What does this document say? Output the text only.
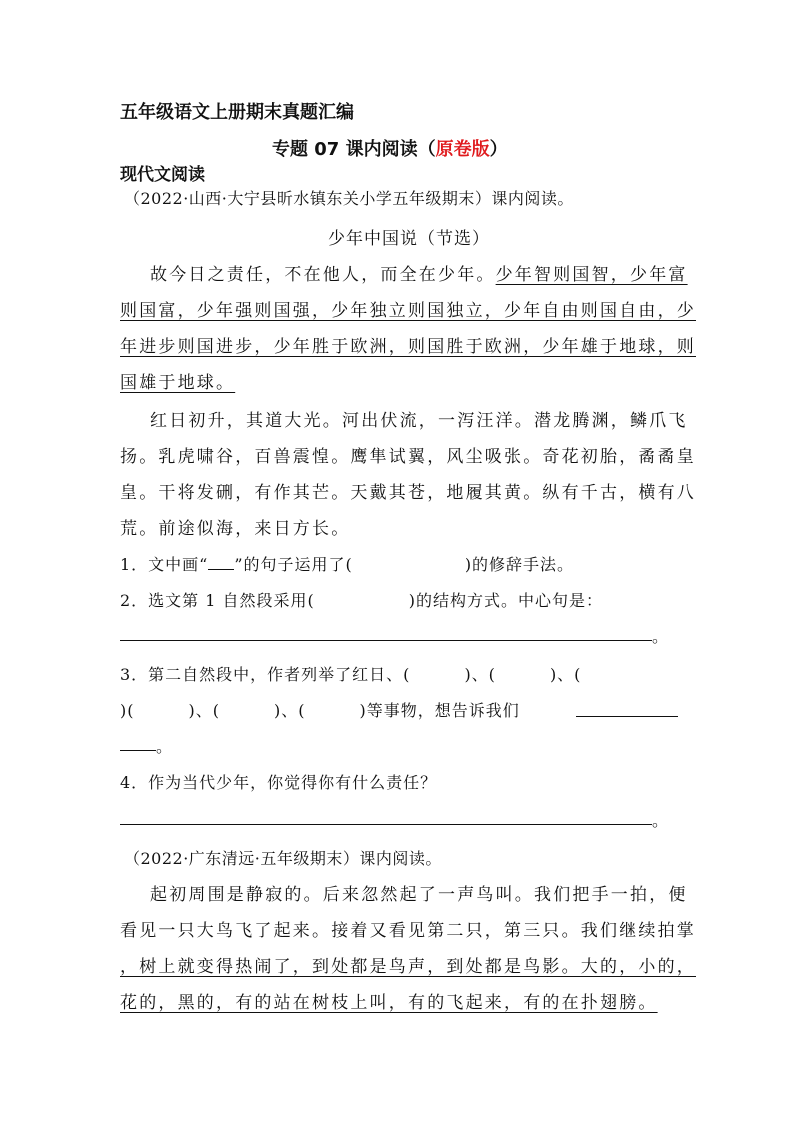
五年级语文上册期末真题汇编
专题 07 课内阅读（原卷版）
现代文阅读
（2022·山西·大宁县昕水镇东关小学五年级期末）课内阅读。
少年中国说（节选）
故今日之责任，不在他人，而全在少年。少年智则国智，少年富
则国富，少年强则国强，少年独立则国独立，少年自由则国自由，少
年进步则国进步，少年胜于欧洲，则国胜于欧洲，少年雄于地球，则
国雄于地球。
红日初升，其道大光。河出伏流，一泻汪洋。潜龙腾渊，鳞爪飞
扬。乳虎啸谷，百兽震惶。鹰隼试翼，风尘吸张。奇花初胎，矞矞皇
皇。干将发硎，有作其芒。天戴其苍，地履其黄。纵有千古，横有八
荒。前途似海，来日方长。
1．文中画“ ”的句子运用了(	)的修辞手法。
2．选文第 1 自然段采用(	)的结构方式。中心句是：
。
3．第二自然段中，作者列举了红日、(	)、(	)、(
)(	)、(	)、(	)等事物，想告诉我们
。
4．作为当代少年，你觉得你有什么责任？
。
（2022·广东清远·五年级期末）课内阅读。
起初周围是静寂的。后来忽然起了一声鸟叫。我们把手一拍，便
看见一只大鸟飞了起来。接着又看见第二只，第三只。我们继续拍掌
，树上就变得热闹了，到处都是鸟声，到处都是鸟影。大的，小的，
花的，黑的，有的站在树枝上叫，有的飞起来，有的在扑翅膀。
